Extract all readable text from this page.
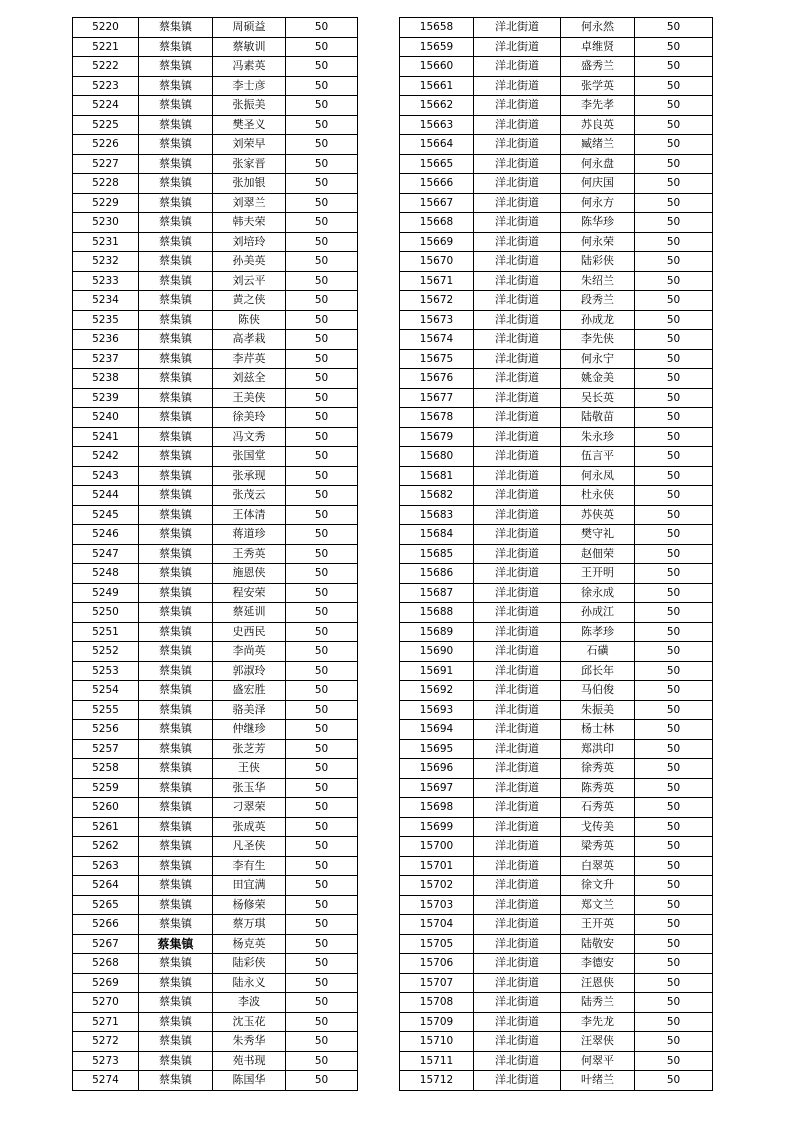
5220	蔡集镇	周硕益	50
5221	蔡集镇	蔡敏训	50
5222	蔡集镇	冯素英	50
5223	蔡集镇	李士彦	50
5224	蔡集镇	张振美	50
5225	蔡集镇	樊圣义	50
5226	蔡集镇	刘荣早	50
5227	蔡集镇	张家晋	50
5228	蔡集镇	张加银	50
5229	蔡集镇	刘翠兰	50
5230	蔡集镇	韩夫荣	50
5231	蔡集镇	刘培玲	50
5232	蔡集镇	孙美英	50
5233	蔡集镇	刘云平	50
5234	蔡集镇	黄之侠	50
5235	蔡集镇	陈侠	50
5236	蔡集镇	高孝栽	50
5237	蔡集镇	李芹英	50
5238	蔡集镇	刘兹全	50
5239	蔡集镇	王美侠	50
5240	蔡集镇	徐美玲	50
5241	蔡集镇	冯文秀	50
5242	蔡集镇	张国堂	50
5243	蔡集镇	张承现	50
5244	蔡集镇	张茂云	50
5245	蔡集镇	王体清	50
5246	蔡集镇	蒋道珍	50
5247	蔡集镇	王秀英	50
5248	蔡集镇	施恩侠	50
5249	蔡集镇	程安荣	50
5250	蔡集镇	蔡延训	50
5251	蔡集镇	史西民	50
5252	蔡集镇	李尚英	50
5253	蔡集镇	郭淑玲	50
5254	蔡集镇	盛宏胜	50
5255	蔡集镇	骆美泽	50
5256	蔡集镇	仲继珍	50
5257	蔡集镇	张芝芳	50
5258	蔡集镇	王侠	50
5259	蔡集镇	张玉华	50
5260	蔡集镇	刁翠荣	50
5261	蔡集镇	张成英	50
5262	蔡集镇	凡圣侠	50
5263	蔡集镇	李有生	50
5264	蔡集镇	田宜满	50
5265	蔡集镇	杨修荣	50
5266	蔡集镇	蔡万琪	50
5267	蔡集镇	杨克英	50
5268	蔡集镇	陆彩侠	50
5269	蔡集镇	陆永义	50
5270	蔡集镇	李波	50
5271	蔡集镇	沈玉花	50
5272	蔡集镇	朱秀华	50
5273	蔡集镇	苑书现	50
5274	蔡集镇	陈国华	50
15658	洋北街道	何永然	50
15659	洋北街道	卓维贤	50
15660	洋北街道	盛秀兰	50
15661	洋北街道	张学英	50
15662	洋北街道	李先孝	50
15663	洋北街道	苏良英	50
15664	洋北街道	臧绪兰	50
15665	洋北街道	何永盘	50
15666	洋北街道	何庆国	50
15667	洋北街道	何永方	50
15668	洋北街道	陈华珍	50
15669	洋北街道	何永荣	50
15670	洋北街道	陆彩侠	50
15671	洋北街道	朱绍兰	50
15672	洋北街道	段秀兰	50
15673	洋北街道	孙成龙	50
15674	洋北街道	李先侠	50
15675	洋北街道	何永宁	50
15676	洋北街道	姚金美	50
15677	洋北街道	吴长英	50
15678	洋北街道	陆敬苗	50
15679	洋北街道	朱永珍	50
15680	洋北街道	伍言平	50
15681	洋北街道	何永凤	50
15682	洋北街道	杜永侠	50
15683	洋北街道	苏侠英	50
15684	洋北街道	樊守礼	50
15685	洋北街道	赵佃荣	50
15686	洋北街道	王开明	50
15687	洋北街道	徐永成	50
15688	洋北街道	孙成江	50
15689	洋北街道	陈孝珍	50
15690	洋北街道	石磺	50
15691	洋北街道	邱长年	50
15692	洋北街道	马伯俊	50
15693	洋北街道	朱振美	50
15694	洋北街道	杨士林	50
15695	洋北街道	郑洪印	50
15696	洋北街道	徐秀英	50
15697	洋北街道	陈秀英	50
15698	洋北街道	石秀英	50
15699	洋北街道	戈传美	50
15700	洋北街道	梁秀英	50
15701	洋北街道	白翠英	50
15702	洋北街道	徐文升	50
15703	洋北街道	郑文兰	50
15704	洋北街道	王开英	50
15705	洋北街道	陆敬安	50
15706	洋北街道	李德安	50
15707	洋北街道	汪恩侠	50
15708	洋北街道	陆秀兰	50
15709	洋北街道	李先龙	50
15710	洋北街道	汪翠侠	50
15711	洋北街道	何翠平	50
15712	洋北街道	叶绪兰	50
